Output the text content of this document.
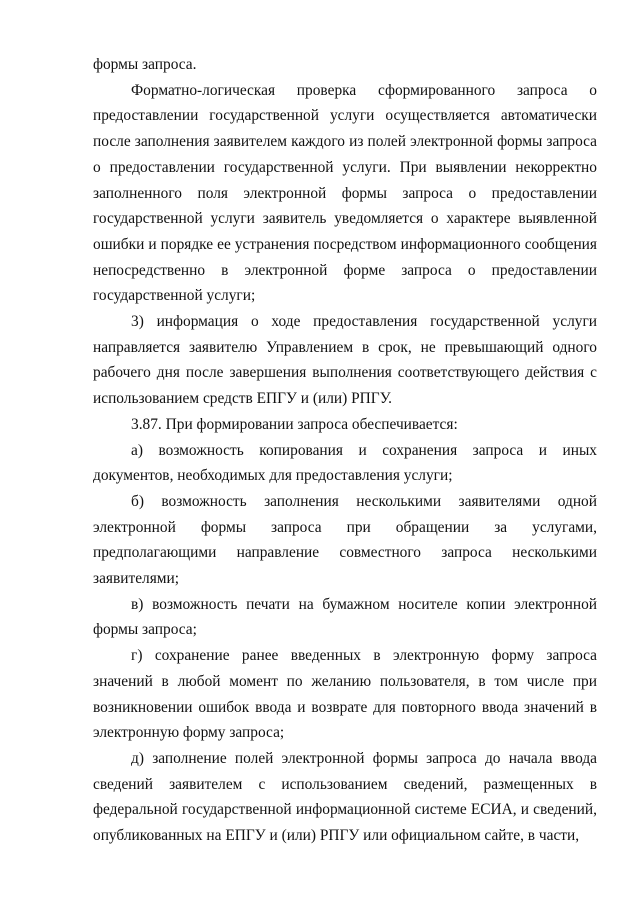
формы запроса.

Форматно-логическая проверка сформированного запроса о предоставлении государственной услуги осуществляется автоматически после заполнения заявителем каждого из полей электронной формы запроса о предоставлении государственной услуги. При выявлении некорректно заполненного поля электронной формы запроса о предоставлении государственной услуги заявитель уведомляется о характере выявленной ошибки и порядке ее устранения посредством информационного сообщения непосредственно в электронной форме запроса о предоставлении государственной услуги;

3) информация о ходе предоставления государственной услуги направляется заявителю Управлением в срок, не превышающий одного рабочего дня после завершения выполнения соответствующего действия с использованием средств ЕПГУ и (или) РПГУ.

3.87. При формировании запроса обеспечивается:

а) возможность копирования и сохранения запроса и иных документов, необходимых для предоставления услуги;

б) возможность заполнения несколькими заявителями одной электронной формы запроса при обращении за услугами, предполагающими направление совместного запроса несколькими заявителями;

в) возможность печати на бумажном носителе копии электронной формы запроса;

г) сохранение ранее введенных в электронную форму запроса значений в любой момент по желанию пользователя, в том числе при возникновении ошибок ввода и возврате для повторного ввода значений в электронную форму запроса;

д) заполнение полей электронной формы запроса до начала ввода сведений заявителем с использованием сведений, размещенных в федеральной государственной информационной системе ЕСИА, и сведений, опубликованных на ЕПГУ и (или) РПГУ или официальном сайте, в части,
